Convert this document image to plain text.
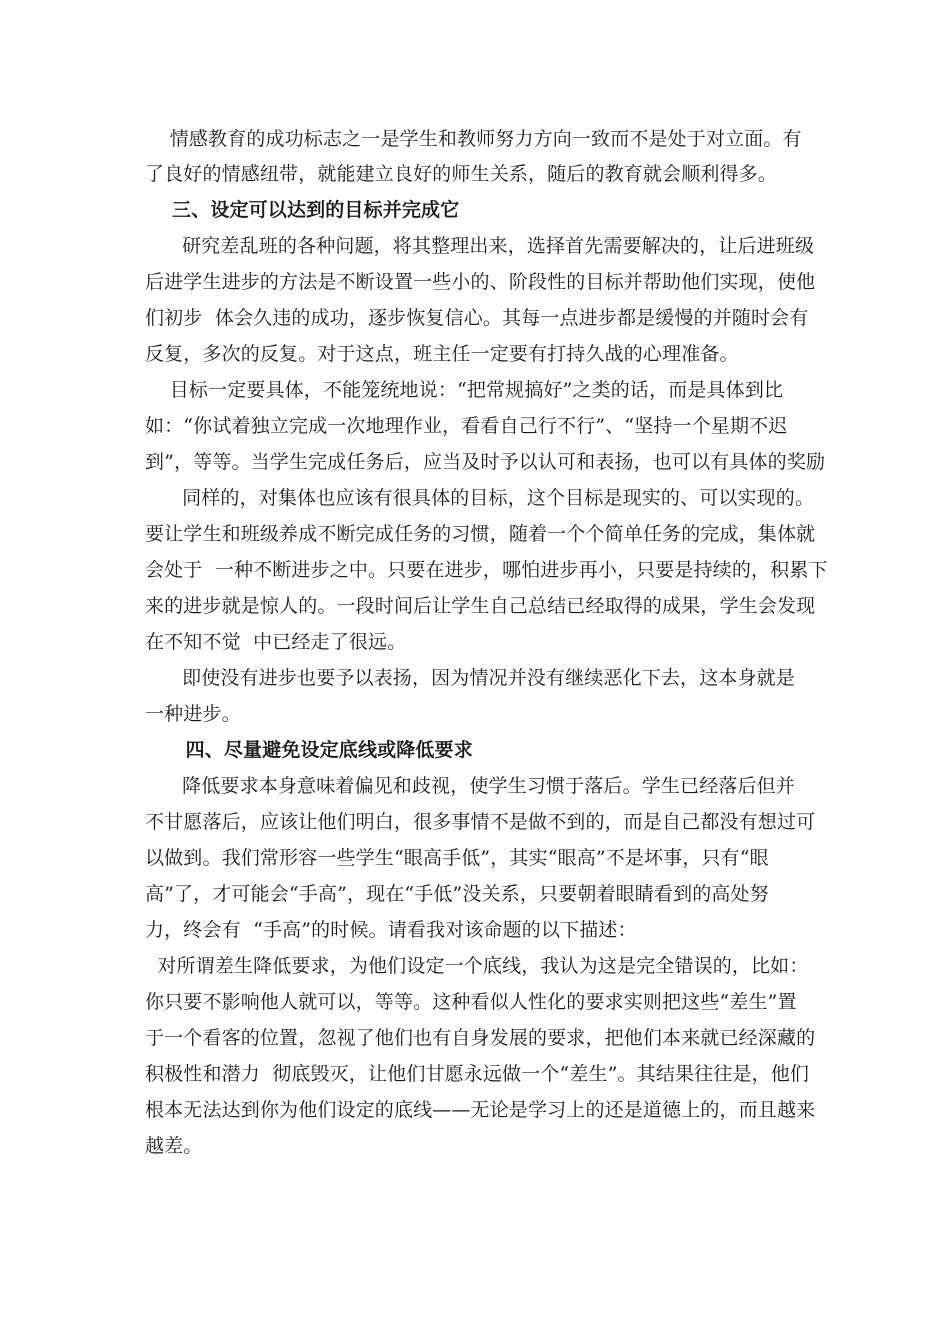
情感教育的成功标志之一是学生和教师努力方向一致而不是处于对立面。有
了良好的情感纽带，就能建立良好的师生关系，随后的教育就会顺利得多。
三、设定可以达到的目标并完成它
研究差乱班的各种问题，将其整理出来，选择首先需要解决的，让后进班级
后进学生进步的方法是不断设置一些小的、阶段性的目标并帮助他们实现，使他
们初步  体会久违的成功，逐步恢复信心。其每一点进步都是缓慢的并随时会有
反复，多次的反复。对于这点，班主任一定要有打持久战的心理准备。
目标一定要具体，不能笼统地说：“把常规搞好”之类的话，而是具体到比
如：“你试着独立完成一次地理作业，看看自己行不行”、“坚持一个星期不迟
到”，等等。当学生完成任务后，应当及时予以认可和表扬，也可以有具体的奖励
同样的，对集体也应该有很具体的目标，这个目标是现实的、可以实现的。
要让学生和班级养成不断完成任务的习惯，随着一个个简单任务的完成，集体就
会处于  一种不断进步之中。只要在进步，哪怕进步再小，只要是持续的，积累下
来的进步就是惊人的。一段时间后让学生自己总结已经取得的成果，学生会发现
在不知不觉  中已经走了很远。
即使没有进步也要予以表扬，因为情况并没有继续恶化下去，这本身就是
一种进步。
四、尽量避免设定底线或降低要求
降低要求本身意味着偏见和歧视，使学生习惯于落后。学生已经落后但并
不甘愿落后，应该让他们明白，很多事情不是做不到的，而是自己都没有想过可
以做到。我们常形容一些学生“眼高手低”，其实“眼高”不是坏事，只有“眼
高”了，才可能会“手高”，现在“手低”没关系，只要朝着眼睛看到的高处努
力，终会有  “手高”的时候。请看我对该命题的以下描述：
对所谓差生降低要求，为他们设定一个底线，我认为这是完全错误的，比如：
你只要不影响他人就可以，等等。这种看似人性化的要求实则把这些“差生”置
于一个看客的位置，忽视了他们也有自身发展的要求，把他们本来就已经深藏的
积极性和潜力  彻底毁灭，让他们甘愿永远做一个“差生”。其结果往往是，他们
根本无法达到你为他们设定的底线——无论是学习上的还是道德上的，而且越来
越差。
